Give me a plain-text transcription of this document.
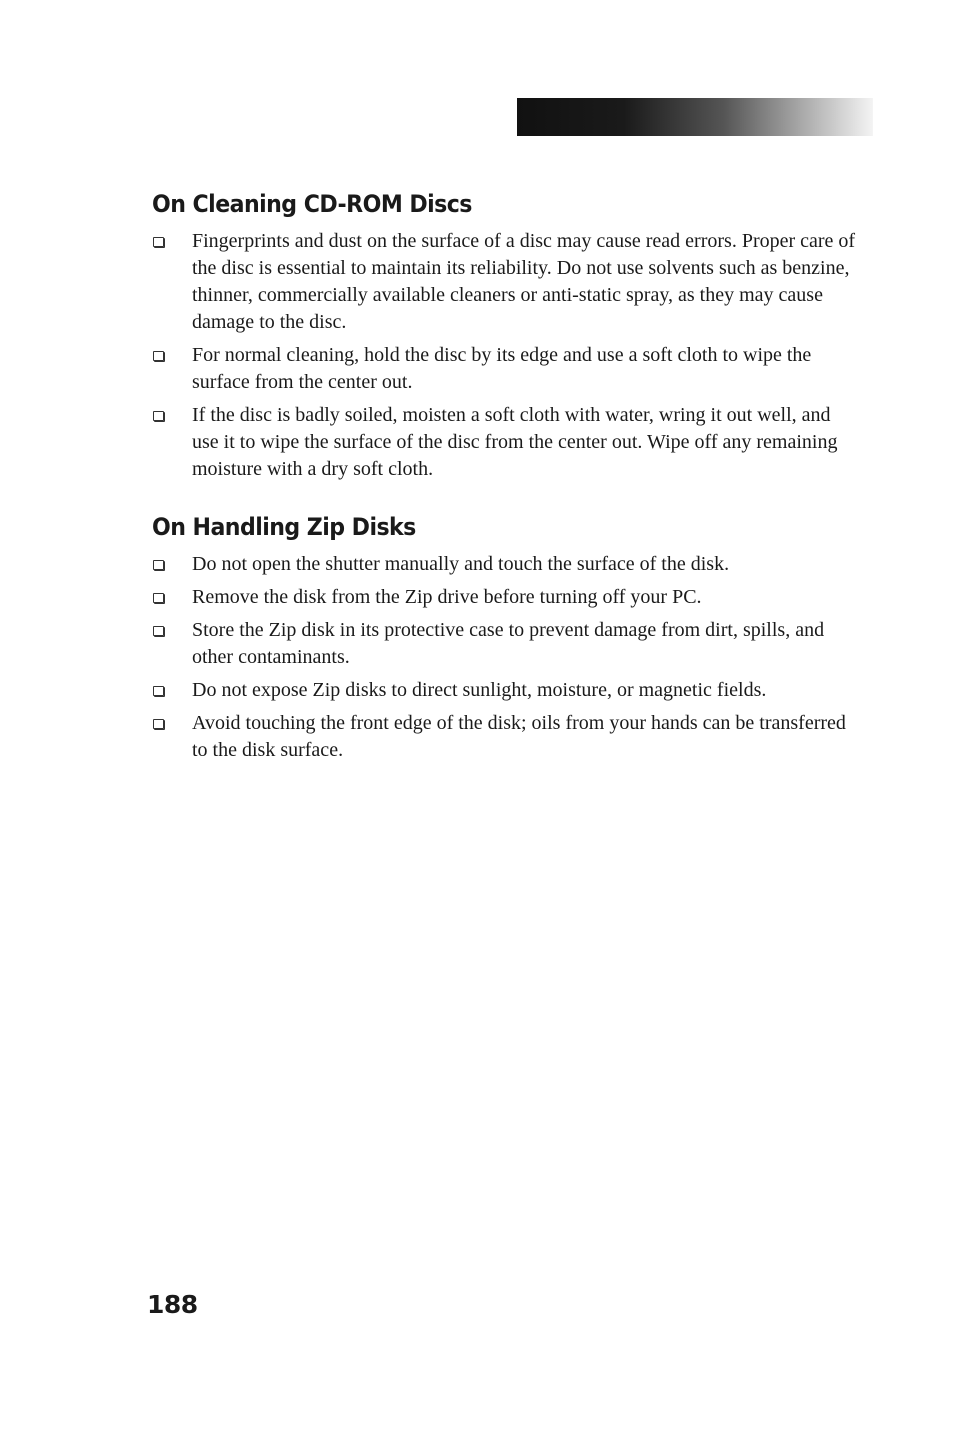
On Cleaning CD-ROM Discs
Fingerprints and dust on the surface of a disc may cause read errors. Proper care of the disc is essential to maintain its reliability. Do not use solvents such as benzine, thinner, commercially available cleaners or anti-static spray, as they may cause damage to the disc.
For normal cleaning, hold the disc by its edge and use a soft cloth to wipe the surface from the center out.
If the disc is badly soiled, moisten a soft cloth with water, wring it out well, and use it to wipe the surface of the disc from the center out. Wipe off any remaining moisture with a dry soft cloth.
On Handling Zip Disks
Do not open the shutter manually and touch the surface of the disk.
Remove the disk from the Zip drive before turning off your PC.
Store the Zip disk in its protective case to prevent damage from dirt, spills, and other contaminants.
Do not expose Zip disks to direct sunlight, moisture, or magnetic fields.
Avoid touching the front edge of the disk; oils from your hands can be transferred to the disk surface.
188
